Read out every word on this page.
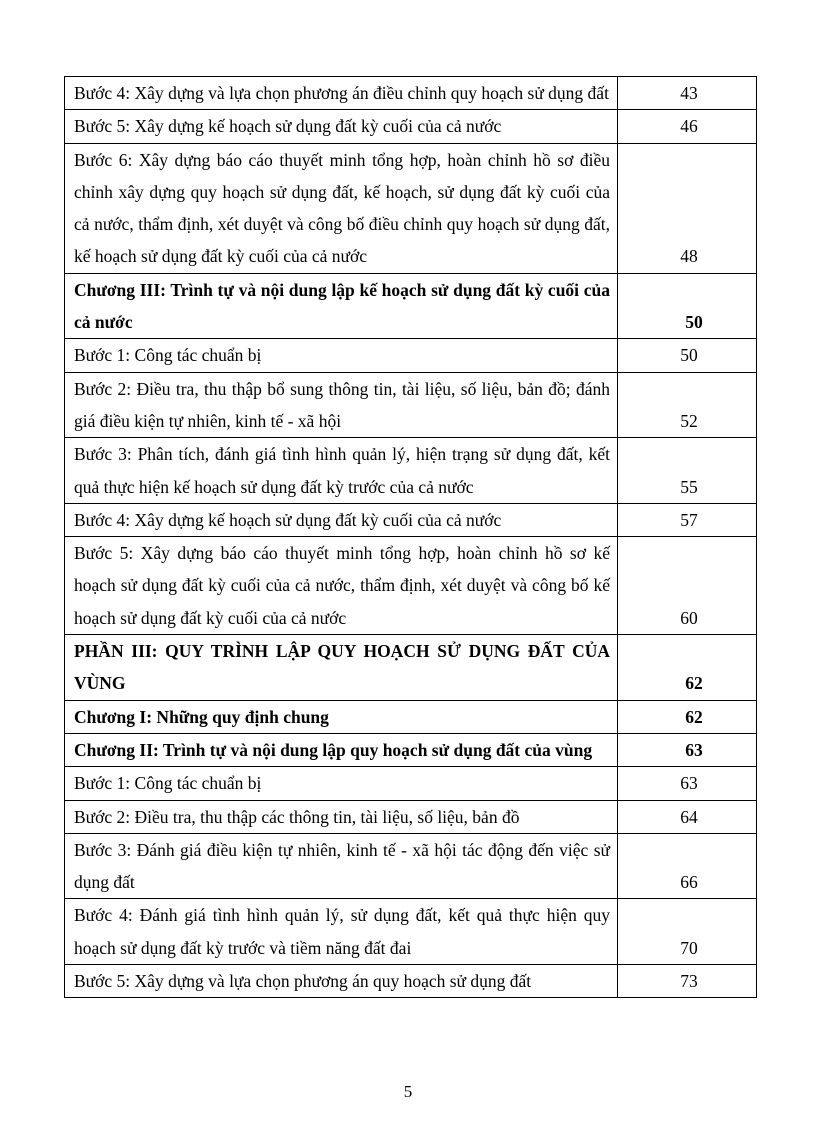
Bước 4: Xây dựng và lựa chọn phương án điều chỉnh quy hoạch sử dụng đất	43
Bước 5: Xây dựng kế hoạch sử dụng đất kỳ cuối của cả nước	46
Bước 6: Xây dựng báo cáo thuyết minh tổng hợp, hoàn chỉnh hồ sơ điều chỉnh xây dựng quy hoạch sử dụng đất, kế hoạch, sử dụng đất kỳ cuối của cả nước, thẩm định, xét duyệt và công bố điều chỉnh quy hoạch sử dụng đất, kế hoạch sử dụng đất kỳ cuối của cả nước	48
Chương III: Trình tự và nội dung lập kế hoạch sử dụng đất kỳ cuối của cả nước	50
Bước 1: Công tác chuẩn bị	50
Bước 2: Điều tra, thu thập bổ sung thông tin, tài liệu, số liệu, bản đồ; đánh giá điều kiện tự nhiên, kinh tế - xã hội	52
Bước 3: Phân tích, đánh giá tình hình quản lý, hiện trạng sử dụng đất, kết quả thực hiện kế hoạch sử dụng đất kỳ trước của cả nước	55
Bước 4: Xây dựng kế hoạch sử dụng đất kỳ cuối của cả nước	57
Bước 5: Xây dựng báo cáo thuyết minh tổng hợp, hoàn chỉnh hồ sơ kế hoạch sử dụng đất kỳ cuối của cả nước, thẩm định, xét duyệt và công bố kế hoạch sử dụng đất kỳ cuối của cả nước	60
PHẦN III: QUY TRÌNH LẬP QUY HOẠCH SỬ DỤNG ĐẤT CỦA VÙNG	62
Chương I: Những quy định chung	62
Chương II: Trình tự và nội dung lập quy hoạch sử dụng đất của vùng	63
Bước 1: Công tác chuẩn bị	63
Bước 2: Điều tra, thu thập các thông tin, tài liệu, số liệu, bản đồ	64
Bước 3: Đánh giá điều kiện tự nhiên, kinh tế - xã hội tác động đến việc sử dụng đất	66
Bước 4: Đánh giá tình hình quản lý, sử dụng đất, kết quả thực hiện quy hoạch sử dụng đất kỳ trước và tiềm năng đất đai	70
Bước 5: Xây dựng và lựa chọn phương án quy hoạch sử dụng đất	73
5
